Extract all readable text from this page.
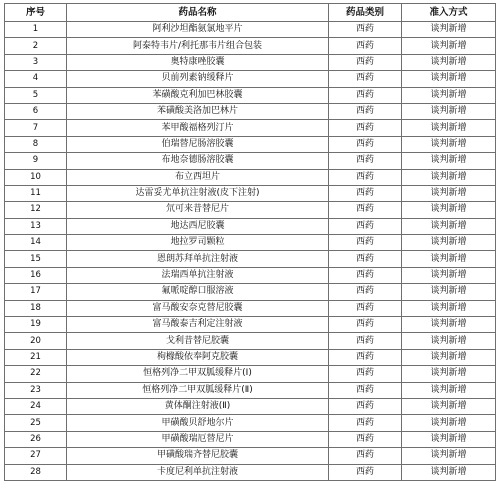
序号	药品名称	药品类别	准入方式
1	阿利沙坦酯氨氯地平片	西药	谈判新增
2	阿泰特韦片/利托那韦片组合包装	西药	谈判新增
3	奥特康唑胶囊	西药	谈判新增
4	贝前列素钠缓释片	西药	谈判新增
5	苯磺酸克利加巴林胶囊	西药	谈判新增
6	苯磺酸美洛加巴林片	西药	谈判新增
7	苯甲酸福格列汀片	西药	谈判新增
8	伯瑞替尼肠溶胶囊	西药	谈判新增
9	布地奈德肠溶胶囊	西药	谈判新增
10	布立西坦片	西药	谈判新增
11	达雷妥尤单抗注射液(皮下注射)	西药	谈判新增
12	氘可来昔替尼片	西药	谈判新增
13	地达西尼胶囊	西药	谈判新增
14	地拉罗司颗粒	西药	谈判新增
15	恩朗苏拜单抗注射液	西药	谈判新增
16	法瑞西单抗注射液	西药	谈判新增
17	氟哌啶醇口服溶液	西药	谈判新增
18	富马酸安奈克替尼胶囊	西药	谈判新增
19	富马酸泰吉利定注射液	西药	谈判新增
20	戈利昔替尼胶囊	西药	谈判新增
21	枸橼酸依奉阿克胶囊	西药	谈判新增
22	恒格列净二甲双胍缓释片(Ⅰ)	西药	谈判新增
23	恒格列净二甲双胍缓释片(Ⅱ)	西药	谈判新增
24	黄体酮注射液(Ⅱ)	西药	谈判新增
25	甲磺酸贝舒地尔片	西药	谈判新增
26	甲磺酸瑞厄替尼片	西药	谈判新增
27	甲磺酸瑞齐替尼胶囊	西药	谈判新增
28	卡度尼利单抗注射液	西药	谈判新增
